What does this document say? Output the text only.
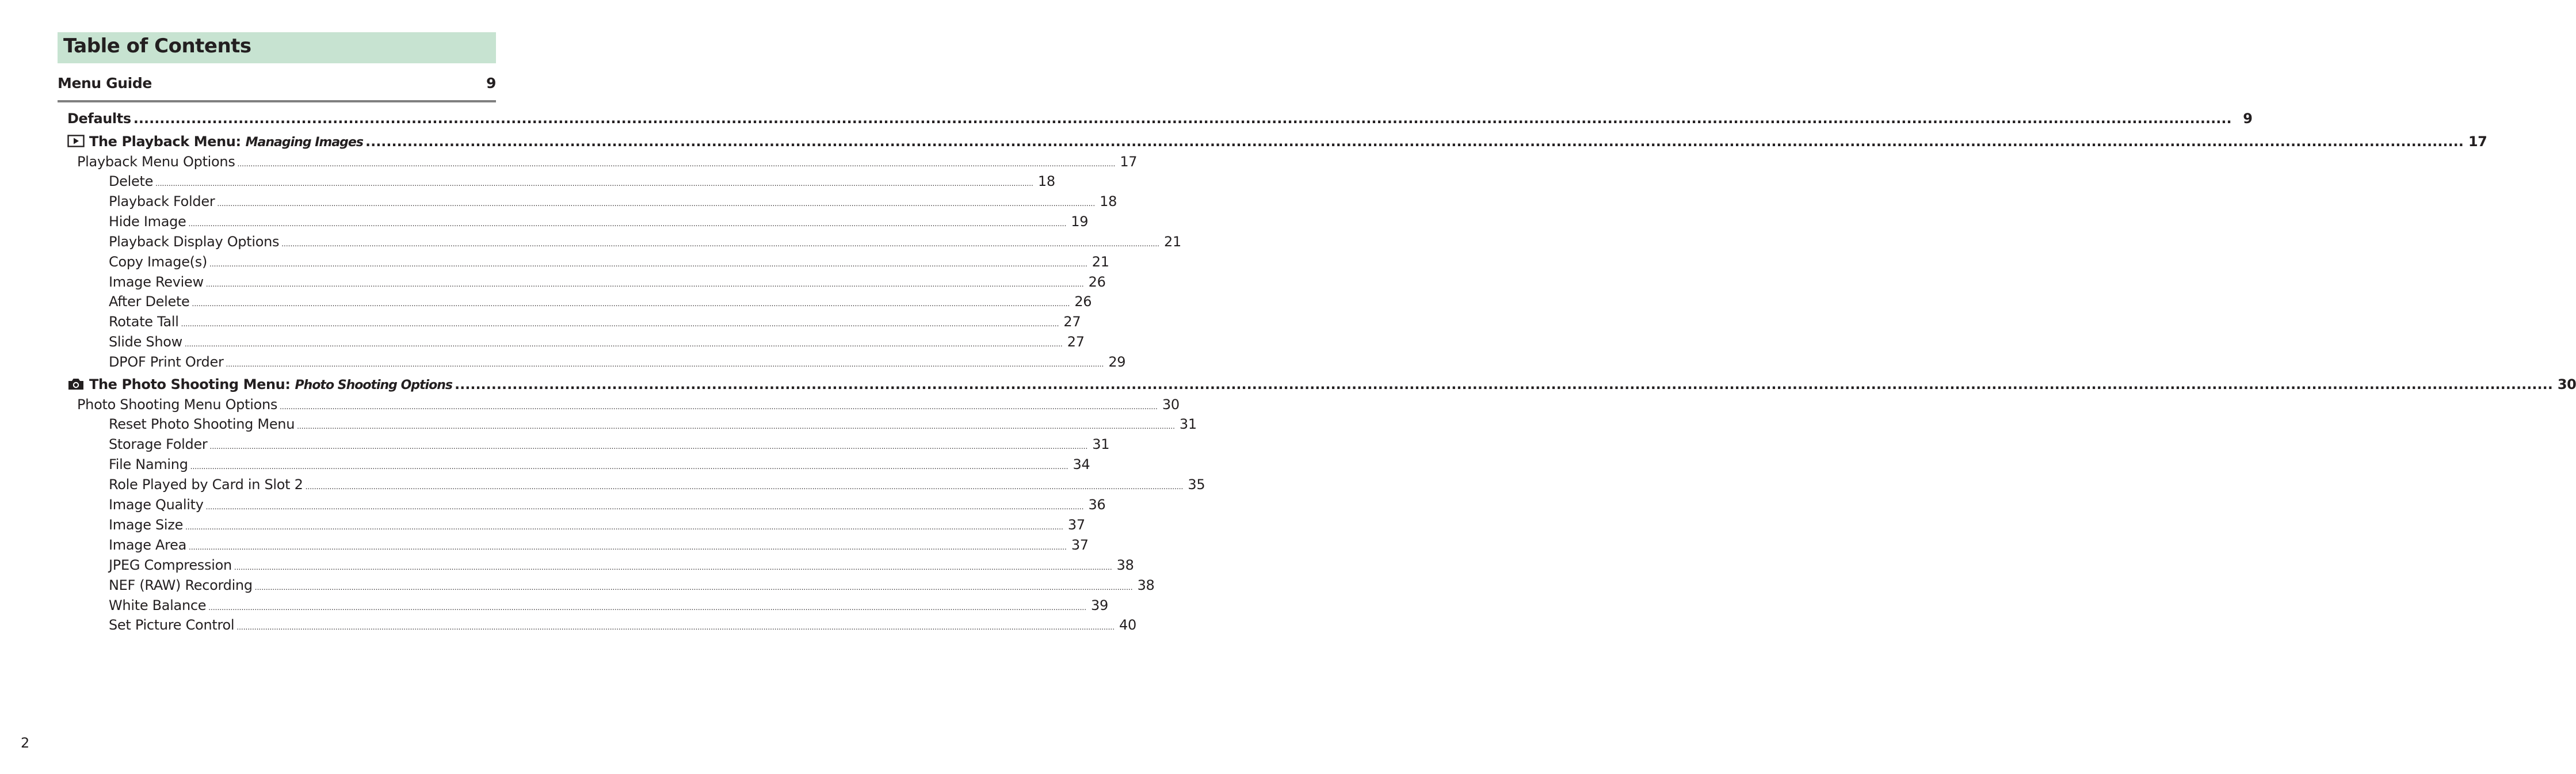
Table of Contents
Menu Guide	9
Defaults ................................................................................................................................................................................................................................................................................................................................................................................................................ 9
The Playback Menu: Managing Images ................................................................................................................................................................................................................................................................................................................................................................................................................ 17
Playback Menu Options ................................................................................................................................................................................................................................................................................................................................................................................................................ 17
Delete ................................................................................................................................................................................................................................................................................................................................................................................................................ 18
Playback Folder ................................................................................................................................................................................................................................................................................................................................................................................................................ 18
Hide Image ................................................................................................................................................................................................................................................................................................................................................................................................................ 19
Playback Display Options ................................................................................................................................................................................................................................................................................................................................................................................................................ 21
Copy Image(s) ................................................................................................................................................................................................................................................................................................................................................................................................................ 21
Image Review ................................................................................................................................................................................................................................................................................................................................................................................................................ 26
After Delete ................................................................................................................................................................................................................................................................................................................................................................................................................ 26
Rotate Tall ................................................................................................................................................................................................................................................................................................................................................................................................................ 27
Slide Show ................................................................................................................................................................................................................................................................................................................................................................................................................ 27
DPOF Print Order ................................................................................................................................................................................................................................................................................................................................................................................................................ 29
The Photo Shooting Menu: Photo Shooting Options ................................................................................................................................................................................................................................................................................................................................................................................................................ 30
Photo Shooting Menu Options ................................................................................................................................................................................................................................................................................................................................................................................................................ 30
Reset Photo Shooting Menu ................................................................................................................................................................................................................................................................................................................................................................................................................ 31
Storage Folder ................................................................................................................................................................................................................................................................................................................................................................................................................ 31
File Naming ................................................................................................................................................................................................................................................................................................................................................................................................................ 34
Role Played by Card in Slot 2 ................................................................................................................................................................................................................................................................................................................................................................................................................ 35
Image Quality ................................................................................................................................................................................................................................................................................................................................................................................................................ 36
Image Size ................................................................................................................................................................................................................................................................................................................................................................................................................ 37
Image Area ................................................................................................................................................................................................................................................................................................................................................................................................................ 37
JPEG Compression ................................................................................................................................................................................................................................................................................................................................................................................................................ 38
NEF (RAW) Recording ................................................................................................................................................................................................................................................................................................................................................................................................................ 38
White Balance ................................................................................................................................................................................................................................................................................................................................................................................................................ 39
Set Picture Control ................................................................................................................................................................................................................................................................................................................................................................................................................ 40
2
